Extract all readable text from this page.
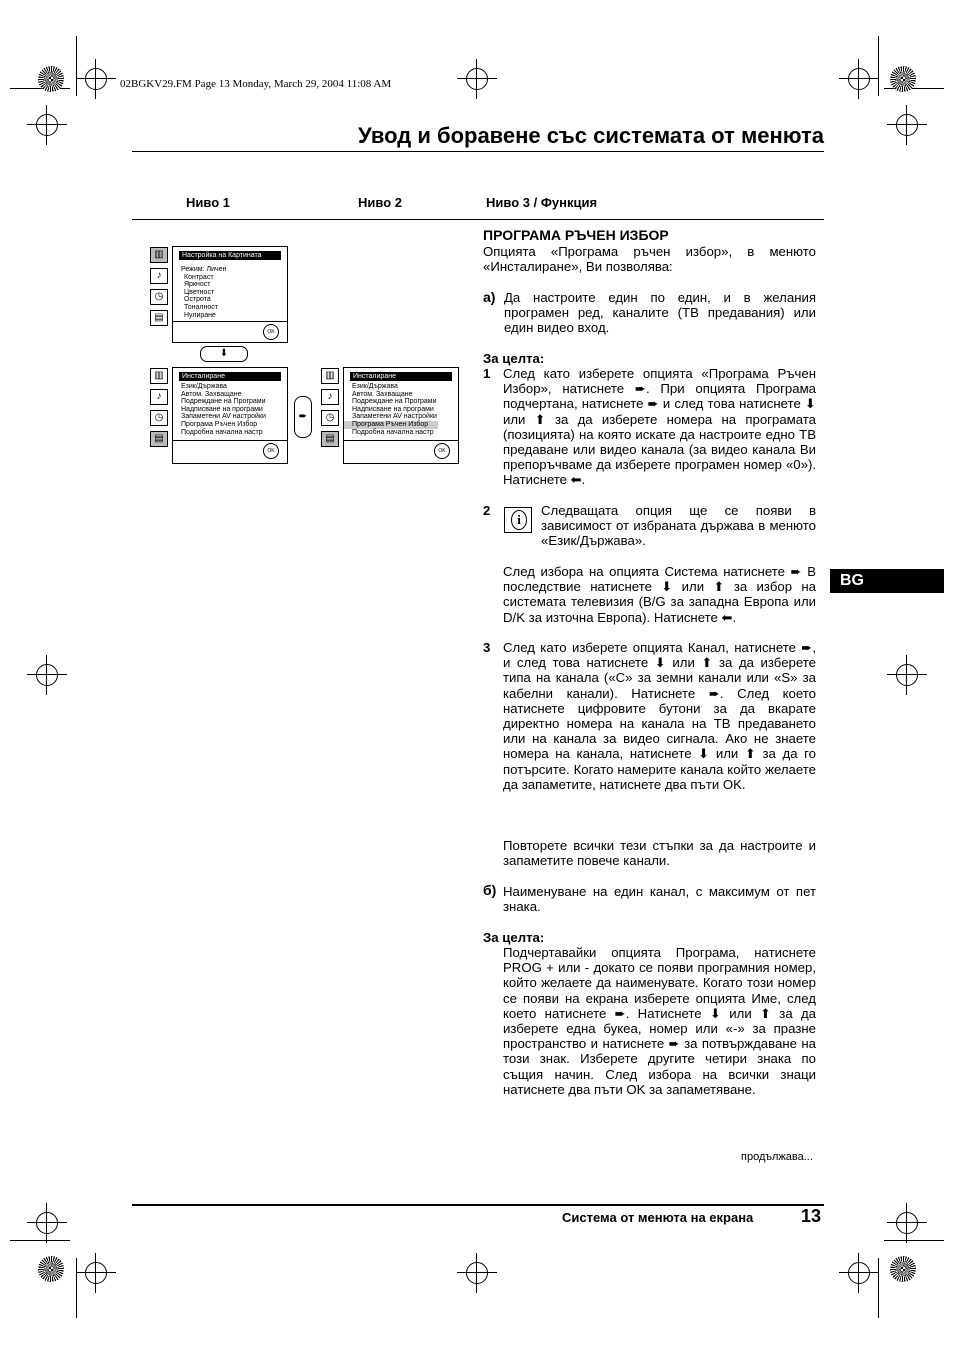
02BGKV29.FM Page 13 Monday, March 29, 2004 11:08 AM
Увод и боравене със системата от менюта
Ниво 1	Ниво 2	Ниво 3 / Функция
▥
♪
◷
▤
Настройка на Картината
Режим: Личен
Контраст
Яркност
Цветност
Острота
Тоналност
Нулиране
OK
⬇
▥
♪
◷
▤
Инсталиране
Език/Държава
Автом. Захващане
Подреждане на Програми
Надписване на програми
Запаметени AV настройки
Програма Ръчен Избор
Подробна начална настр
OK
➨
▥
♪
◷
▤
Инсталиране
Език/Държава
Автом. Захващане
Подреждане на Програми
Надписване на програми
Запаметени AV настройки
Програма Ръчен Избор
Подробна начална настр
OK
ПРОГРАМА РЪЧЕН ИЗБОР
Опцията «Програма ръчен избор», в менюто «Инсталиране», Ви позволява:
а) Да настроите един по един, и в желания програмен ред, каналите (ТВ предавания) или един видео вход.
За целта:
1 След като изберете опцията «Програма Ръчен Избор», натиснете ➨. При опцията Програма подчертана, натиснете ➨ и след това натиснете ⬇ или ⬆ за да изберете номера на програмата (позицията) на която искате да настроите едно ТВ предаване или видео канала (за видео канала Ви препоръчваме да изберете програмен номер «0»). Натиснете ⬅.
2
i
Следващата опция ще се появи в зависимост от избраната държава в менюто «Език/Държава».
След избора на опцията Система натиснете ➨ В последствие натиснете ⬇ или ⬆ за избор на системата телевизия (B/G за западна Европа или D/K за източна Европа). Натиснете ⬅.
3 След като изберете опцията Канал, натиснете ➨, и след това натиснете ⬇ или ⬆ за да изберете типа на канала («C» за земни канали или «S» за кабелни канали). Натиснете ➨. След което натиснете цифровите бутони за да вкарате директно номера на канала на ТВ предаването или на канала за видео сигнала. Ако не знаете номера на канала, натиснете ⬇ или ⬆ за да го потърсите. Когато намерите канала който желаете да запаметите, натиснете два пъти OK.
Повторете всички тези стъпки за да настроите и запаметите повече канали.
б) Наименуване на един канал, с максимум от пет знака.
За целта:
Подчертавайки опцията Програма, натиснете PROG + или - докато се появи програмния номер, който желаете да наименувате. Когато този номер се появи на екрана изберете опцията Име, след което натиснете ➨. Натиснете ⬇ или ⬆ за да изберете една букеа, номер или «-» за празне пространство и натиснете ➨ за потвърждаване на този знак. Изберете другите четири знака по същия начин. След избора на всички знаци натиснете два пъти OK за запаметяване.
продължава...
BG
Система от менюта на екрана	13
